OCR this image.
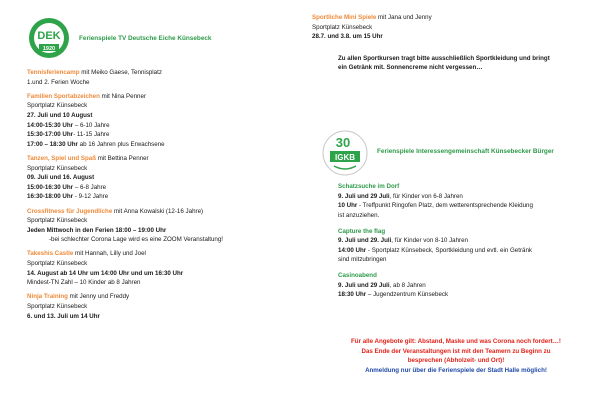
DEK
1920
Ferienspiele TV Deutsche Eiche Künsebeck
Tennisferiencamp mit Meiko Gaese, Tennisplatz
1.und 2. Ferien Woche
Familien Sportabzeichen mit Nina Penner
Sportplatz Künsebeck
27. Juli und 10 August
14:00-15:30 Uhr – 6-10 Jahre
15:30-17:00 Uhr- 11-15 Jahre
17:00 – 18:30 Uhr ab 16 Jahren plus Erwachsene
Tanzen, Spiel und Spaß mit Bettina Penner
Sportplatz Künsebeck
09. Juli und 16. August
15:00-16:30 Uhr – 6-8 Jahre
16:30-18:00 Uhr - 9-12 Jahre
Crossfitness für Jugendliche mit Anna Kowalski (12-16 Jahre)
Sportplatz Künsebeck
Jeden Mittwoch in den Ferien 18:00 – 19:00 Uhr
-bei schlechter Corona Lage wird es eine ZOOM Veranstaltung!
Takeshis Castle mit Hannah, Lilly und Joel
Sportplatz Künsebeck
14. August ab 14 Uhr um 14:00 Uhr und um 16:30 Uhr
Mindest-TN Zahl – 10 Kinder ab 8 Jahren
Ninja Training mit Jenny und Freddy
Sportplatz Künsebeck
6. und 13. Juli um 14 Uhr
Sportliche Mini Spiele mit Jana und Jenny
Sportplatz Künsebeck
28.7. und 3.8. um 15 Uhr
Zu allen Sportkursen tragt bitte ausschließlich Sportkleidung und bringt
ein Getränk mit. Sonnencreme nicht vergessen…
30
IGKB
Ferienspiele Interessengemeinschaft Künsebecker Bürger
Schatzsuche im Dorf
9. Juli und 29 Juli, für Kinder von 6-8 Jahren
10 Uhr - Treffpunkt Ringofen Platz, dem wetterentsprechende Kleidung
ist anzuziehen.
Capture the flag
9. Juli und 29. Juli, für Kinder von 8-10 Jahren
14:00 Uhr - Sportplatz Künsebeck, Sportkleidung und evtl. ein Getränk
sind mitzubringen
Casinoabend
9. Juli und 29 Juli, ab 8 Jahren
18:30 Uhr – Jugendzentrum Künsebeck
Für alle Angebote gilt: Abstand, Maske und was Corona noch fordert…!
Das Ende der Veranstaltungen ist mit den Teamern zu Beginn zu
besprechen (Abholzeit- und Ort)!
Anmeldung nur über die Ferienspiele der Stadt Halle möglich!
